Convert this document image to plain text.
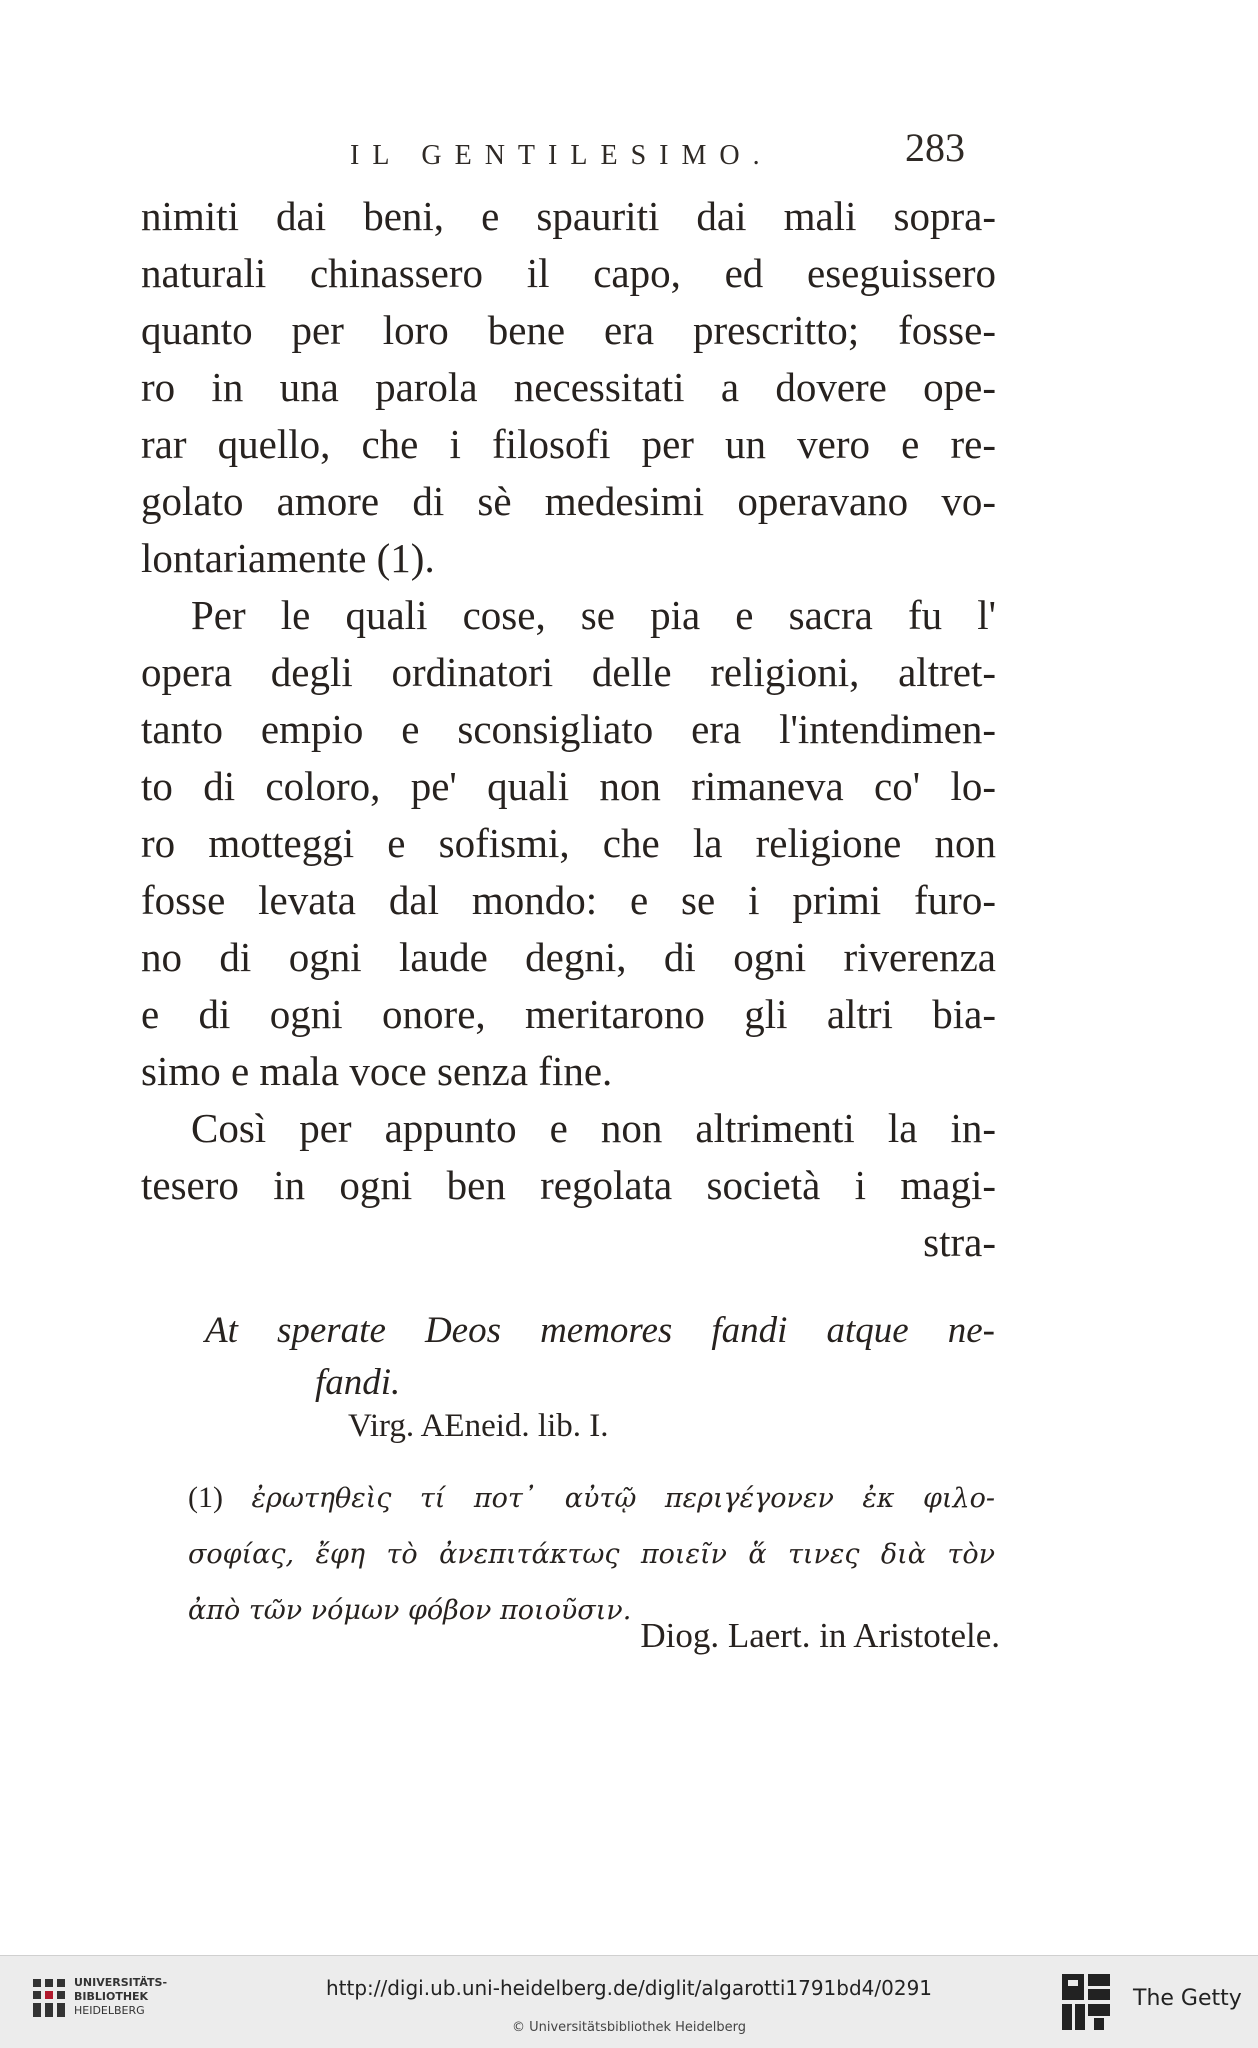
IL GENTILESIMO.	283
nimiti dai beni, e spauriti dai mali sopra-
naturali chinassero il capo, ed eseguissero
quanto per loro bene era prescritto; fosse-
ro in una parola necessitati a dovere ope-
rar quello, che i filosofi per un vero e re-
golato amore di sè medesimi operavano vo-
lontariamente (1).
Per le quali cose, se pia e sacra fu l'
opera degli ordinatori delle religioni, altret-
tanto empio e sconsigliato era l'intendimen-
to di coloro, pe' quali non rimaneva co' lo-
ro motteggi e sofismi, che la religione non
fosse levata dal mondo: e se i primi furo-
no di ogni laude degni, di ogni riverenza
e di ogni onore, meritarono gli altri bia-
simo e mala voce senza fine.
Così per appunto e non altrimenti la in-
tesero in ogni ben regolata società i magi-
stra-
At sperate Deos memores fandi atque ne-
fandi.
Virg. AEneid. lib. I.
(1) ἐρωτηθεὶς τί ποτ᾽ αὐτῷ περιγέγονεν ἐκ φιλο-
σοφίας, ἔφη τὸ ἀνεπιτάκτως ποιεῖν ἅ τινες διὰ τὸν
ἀπὸ τῶν νόμων φόβον ποιοῦσιν.
Diog. Laert. in Aristotele.
UNIVERSITÄTS-
BIBLIOTHEK
HEIDELBERG
http://digi.ub.uni-heidelberg.de/diglit/algarotti1791bd4/0291
© Universitätsbibliothek Heidelberg
The Getty
